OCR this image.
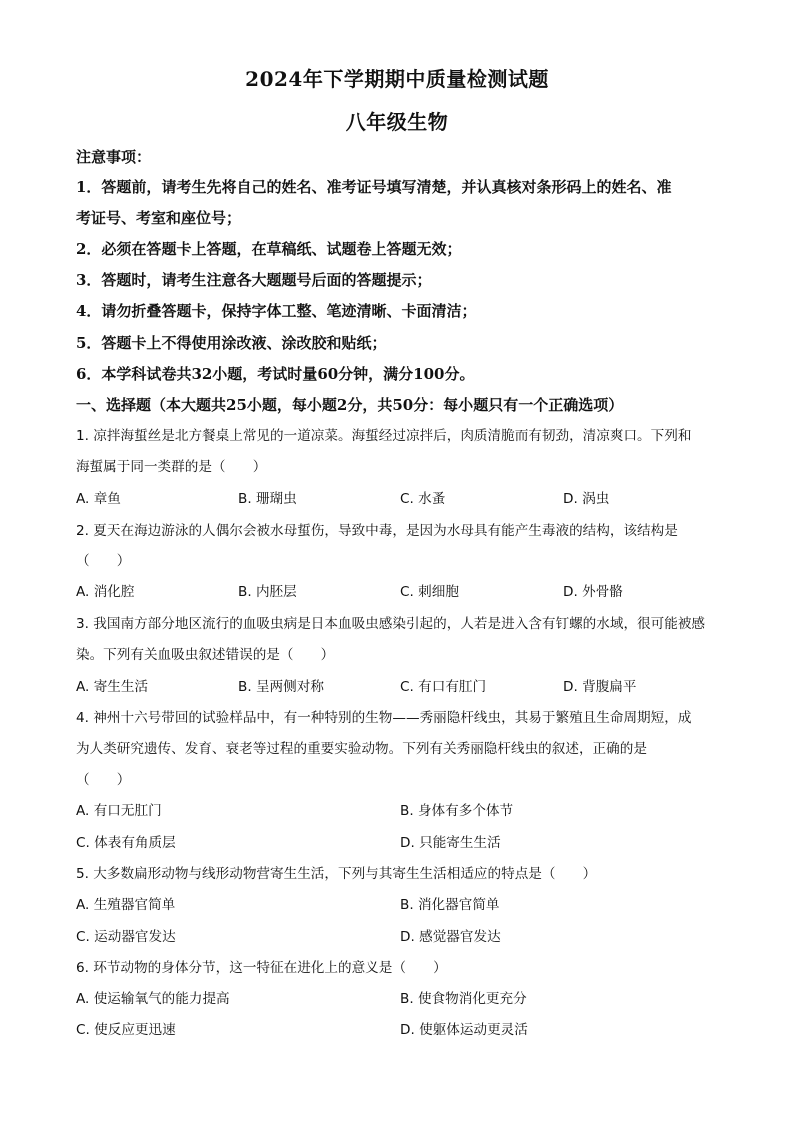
2024年下学期期中质量检测试题
八年级生物
注意事项：
1．答题前，请考生先将自己的姓名、准考证号填写清楚，并认真核对条形码上的姓名、准
考证号、考室和座位号；
2．必须在答题卡上答题，在草稿纸、试题卷上答题无效；
3．答题时，请考生注意各大题题号后面的答题提示；
4．请勿折叠答题卡，保持字体工整、笔迹清晰、卡面清洁；
5．答题卡上不得使用涂改液、涂改胶和贴纸；
6．本学科试卷共32小题，考试时量60分钟，满分100分。
一、选择题（本大题共25小题，每小题2分，共50分：每小题只有一个正确选项）
1. 凉拌海蜇丝是北方餐桌上常见的一道凉菜。海蜇经过凉拌后，肉质清脆而有韧劲，清凉爽口。下列和
海蜇属于同一类群的是（　　）
A. 章鱼	B. 珊瑚虫	C. 水蚤	D. 涡虫
2. 夏天在海边游泳的人偶尔会被水母蜇伤，导致中毒，是因为水母具有能产生毒液的结构，该结构是
（　　）
A. 消化腔	B. 内胚层	C. 刺细胞	D. 外骨骼
3. 我国南方部分地区流行的血吸虫病是日本血吸虫感染引起的，人若是进入含有钉螺的水域，很可能被感
染。下列有关血吸虫叙述错误的是（　　）
A. 寄生生活	B. 呈两侧对称	C. 有口有肛门	D. 背腹扁平
4. 神州十六号带回的试验样品中，有一种特别的生物——秀丽隐杆线虫，其易于繁殖且生命周期短，成
为人类研究遗传、发育、衰老等过程的重要实验动物。下列有关秀丽隐杆线虫的叙述，正确的是
（　　）
A. 有口无肛门	B. 身体有多个体节
C. 体表有角质层	D. 只能寄生生活
5. 大多数扁形动物与线形动物营寄生生活，下列与其寄生生活相适应的特点是（　　）
A. 生殖器官简单	B. 消化器官简单
C. 运动器官发达	D. 感觉器官发达
6. 环节动物的身体分节，这一特征在进化上的意义是（　　）
A. 使运输氧气的能力提高	B. 使食物消化更充分
C. 使反应更迅速	D. 使躯体运动更灵活
